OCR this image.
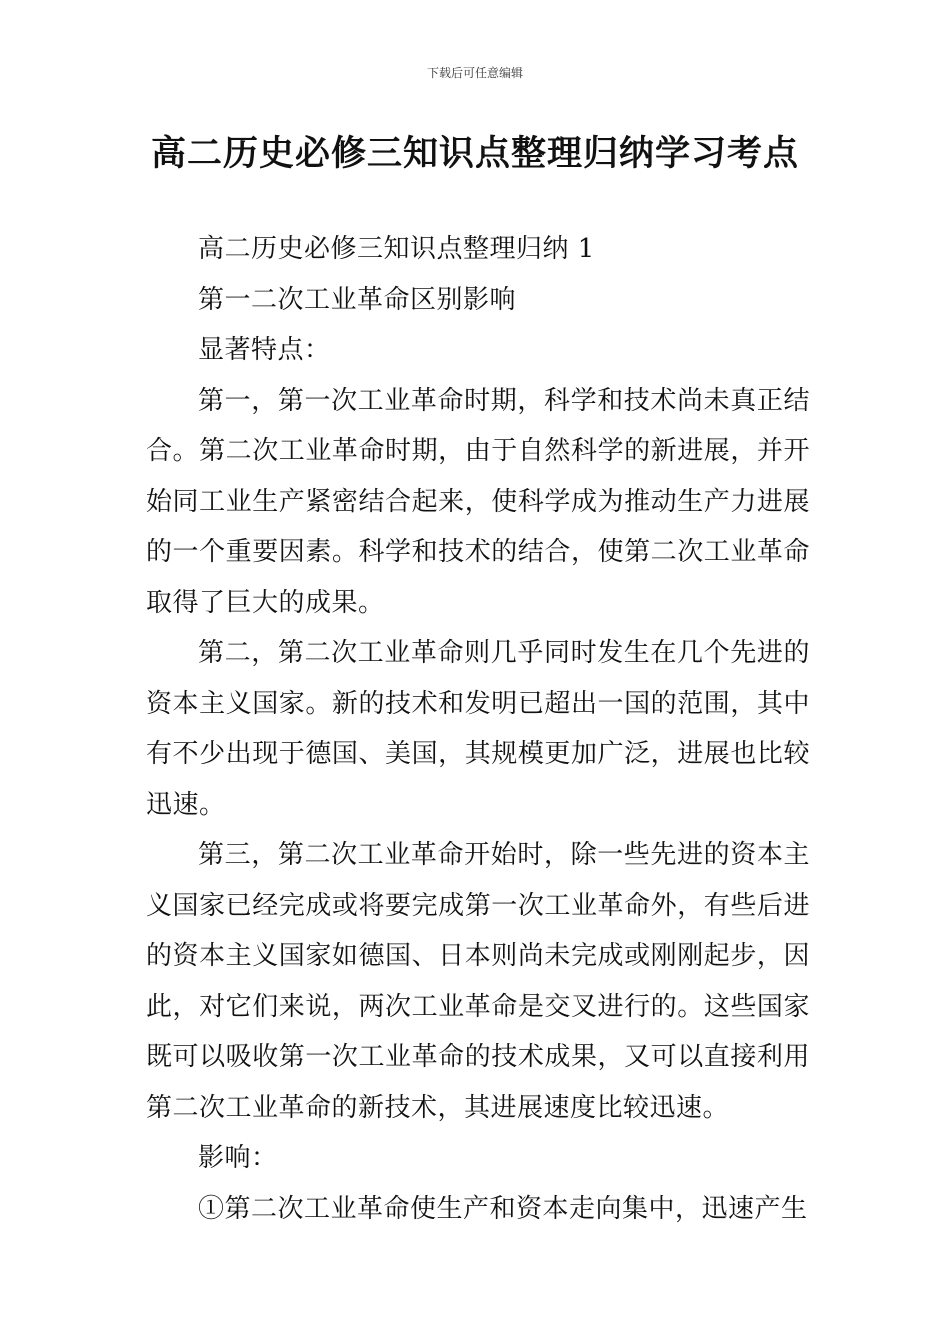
下载后可任意编辑
高二历史必修三知识点整理归纳学习考点

高二历史必修三知识点整理归纳 1

第一二次工业革命区别影响

显著特点：

第一，第一次工业革命时期，科学和技术尚未真正结合。第二次工业革命时期，由于自然科学的新进展，并开始同工业生产紧密结合起来，使科学成为推动生产力进展的一个重要因素。科学和技术的结合，使第二次工业革命取得了巨大的成果。

第二，第二次工业革命则几乎同时发生在几个先进的资本主义国家。新的技术和发明已超出一国的范围，其中有不少出现于德国、美国，其规模更加广泛，进展也比较迅速。

第三，第二次工业革命开始时，除一些先进的资本主义国家已经完成或将要完成第一次工业革命外，有些后进的资本主义国家如德国、日本则尚未完成或刚刚起步，因此，对它们来说，两次工业革命是交叉进行的。这些国家既可以吸收第一次工业革命的技术成果，又可以直接利用第二次工业革命的新技术，其进展速度比较迅速。

影响：

①第二次工业革命使生产和资本走向集中，迅速产生
